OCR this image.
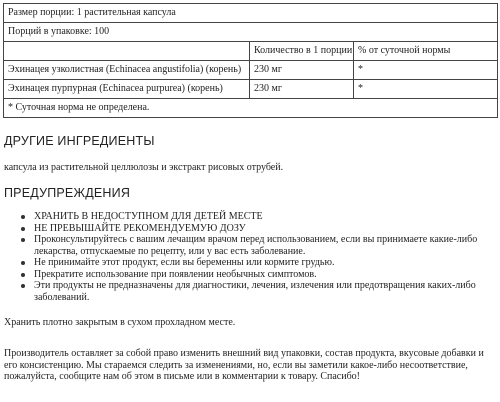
Размер порции: 1 растительная капсула		
Порций в упаковке: 100		
	Количество в 1 порции	% от суточной нормы
Эхинацея узколистная (Echinacea angustifolia) (корень)	230 мг	*
Эхинацея пурпурная (Echinacea purpurea) (корень)	230 мг	*
* Суточная норма не определена.		
ДРУГИЕ ИНГРЕДИЕНТЫ

капсула из растительной целлюлозы и экстракт рисовых отрубей.

ПРЕДУПРЕЖДЕНИЯ
ХРАНИТЬ В НЕДОСТУПНОМ ДЛЯ ДЕТЕЙ МЕСТЕ
НЕ ПРЕВЫШАЙТЕ РЕКОМЕНДУЕМУЮ ДОЗУ
Проконсультируйтесь с вашим лечащим врачом перед использованием, если вы принимаете какие-либо лекарства, отпускаемые по рецепту, или у вас есть заболевание.
Не принимайте этот продукт, если вы беременны или кормите грудью.
Прекратите использование при появлении необычных симптомов.
Эти продукты не предназначены для диагностики, лечения, излечения или предотвращения каких-либо заболеваний.

Хранить плотно закрытым в сухом прохладном месте.

Производитель оставляет за собой право изменить внешний вид упаковки, состав продукта, вкусовые добавки и его консистенцию. Мы стараемся следить за изменениями, но, если вы заметили какое-либо несоответствие, пожалуйста, сообщите нам об этом в письме или в комментарии к товару. Спасибо!
